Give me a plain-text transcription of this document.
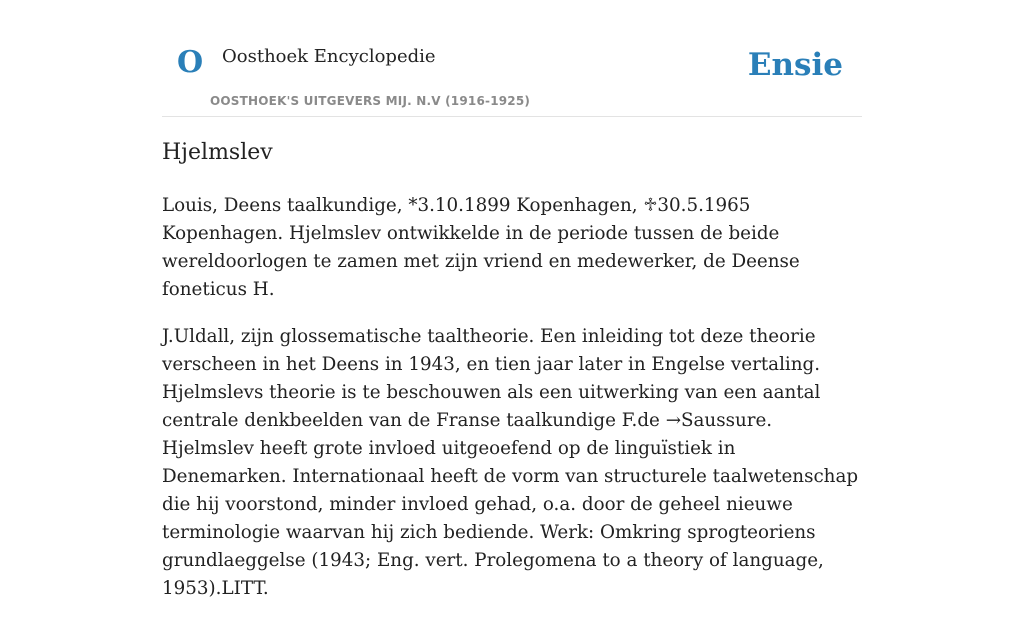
O Oosthoek Encyclopedie
OOSTHOEK'S UITGEVERS MIJ. N.V (1916-1925)
Ensie
Hjelmslev

Louis, Deens taalkundige, *3.10.1899 Kopenhagen, ♱30.5.1965 Kopenhagen. Hjelmslev ontwikkelde in de periode tussen de beide wereldoorlogen te zamen met zijn vriend en medewerker, de Deense foneticus H.

J.Uldall, zijn glossematische taaltheorie. Een inleiding tot deze theorie verscheen in het Deens in 1943, en tien jaar later in Engelse vertaling. Hjelmslevs theorie is te beschouwen als een uitwerking van een aantal centrale denkbeelden van de Franse taalkundige F.de →Saussure. Hjelmslev heeft grote invloed uitgeoefend op de linguïstiek in Denemarken. Internationaal heeft de vorm van structurele taalwetenschap die hij voorstond, minder invloed gehad, o.a. door de geheel nieuwe terminologie waarvan hij zich bediende. Werk: Omkring sprogteoriens grundlaeggelse (1943; Eng. vert. Prolegomena to a theory of language, 1953).LITT.
